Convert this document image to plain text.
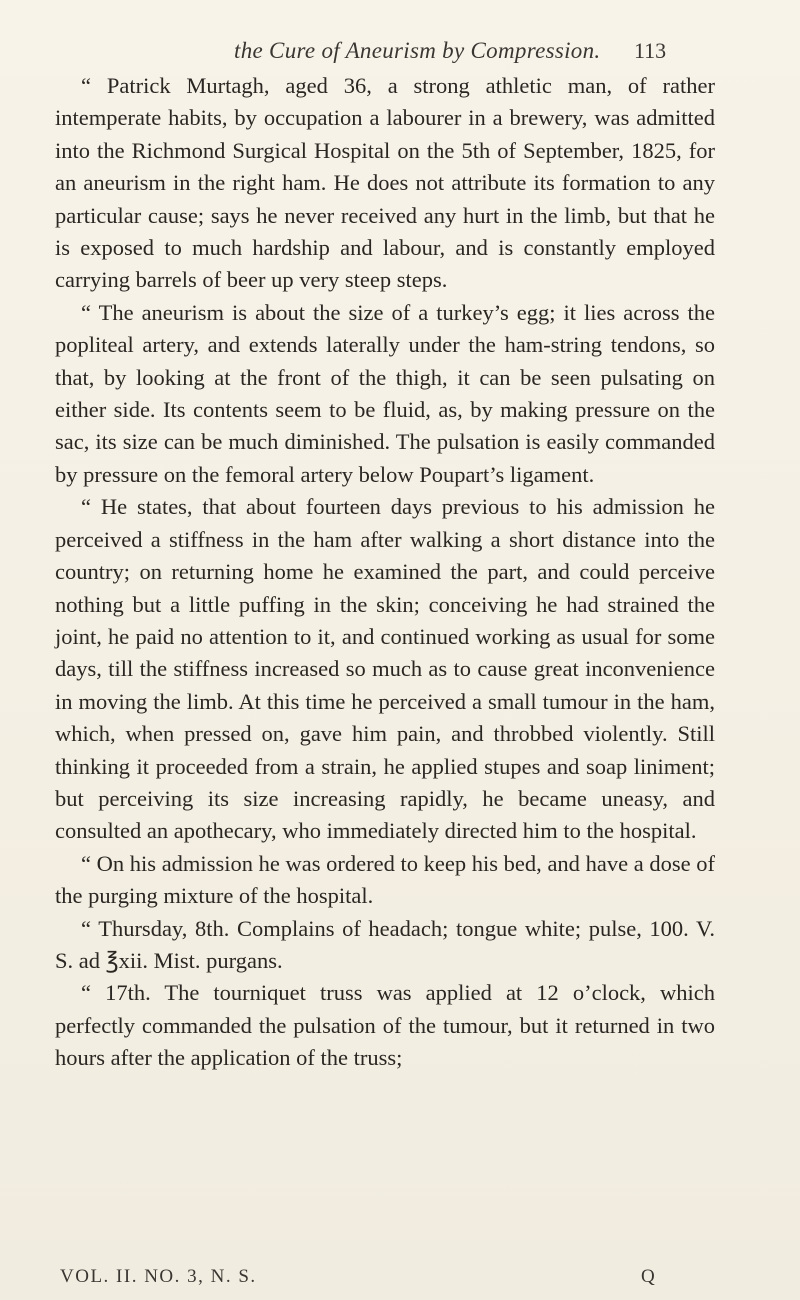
the Cure of Aneurism by Compression. 113

“ Patrick Murtagh, aged 36, a strong athletic man, of rather intemperate habits, by occupation a labourer in a brewery, was admitted into the Richmond Surgical Hospital on the 5th of September, 1825, for an aneurism in the right ham. He does not attribute its formation to any particular cause; says he never received any hurt in the limb, but that he is exposed to much hardship and labour, and is constantly employed carrying barrels of beer up very steep steps.

“ The aneurism is about the size of a turkey’s egg; it lies across the popliteal artery, and extends laterally under the ham-string tendons, so that, by looking at the front of the thigh, it can be seen pulsating on either side. Its contents seem to be fluid, as, by making pressure on the sac, its size can be much diminished. The pulsation is easily commanded by pressure on the femoral artery below Poupart’s ligament.

“ He states, that about fourteen days previous to his admission he perceived a stiffness in the ham after walking a short distance into the country; on returning home he examined the part, and could perceive nothing but a little puffing in the skin; conceiving he had strained the joint, he paid no attention to it, and continued working as usual for some days, till the stiffness increased so much as to cause great inconvenience in moving the limb. At this time he perceived a small tumour in the ham, which, when pressed on, gave him pain, and throbbed violently. Still thinking it proceeded from a strain, he applied stupes and soap liniment; but perceiving its size increasing rapidly, he became uneasy, and consulted an apothecary, who immediately directed him to the hospital.

“ On his admission he was ordered to keep his bed, and have a dose of the purging mixture of the hospital.

“ Thursday, 8th. Complains of headach; tongue white; pulse, 100. V. S. ad ℥xii. Mist. purgans.

“ 17th. The tourniquet truss was applied at 12 o’clock, which perfectly commanded the pulsation of the tumour, but it returned in two hours after the application of the truss;

VOL. II. NO. 3, N. S.	Q
